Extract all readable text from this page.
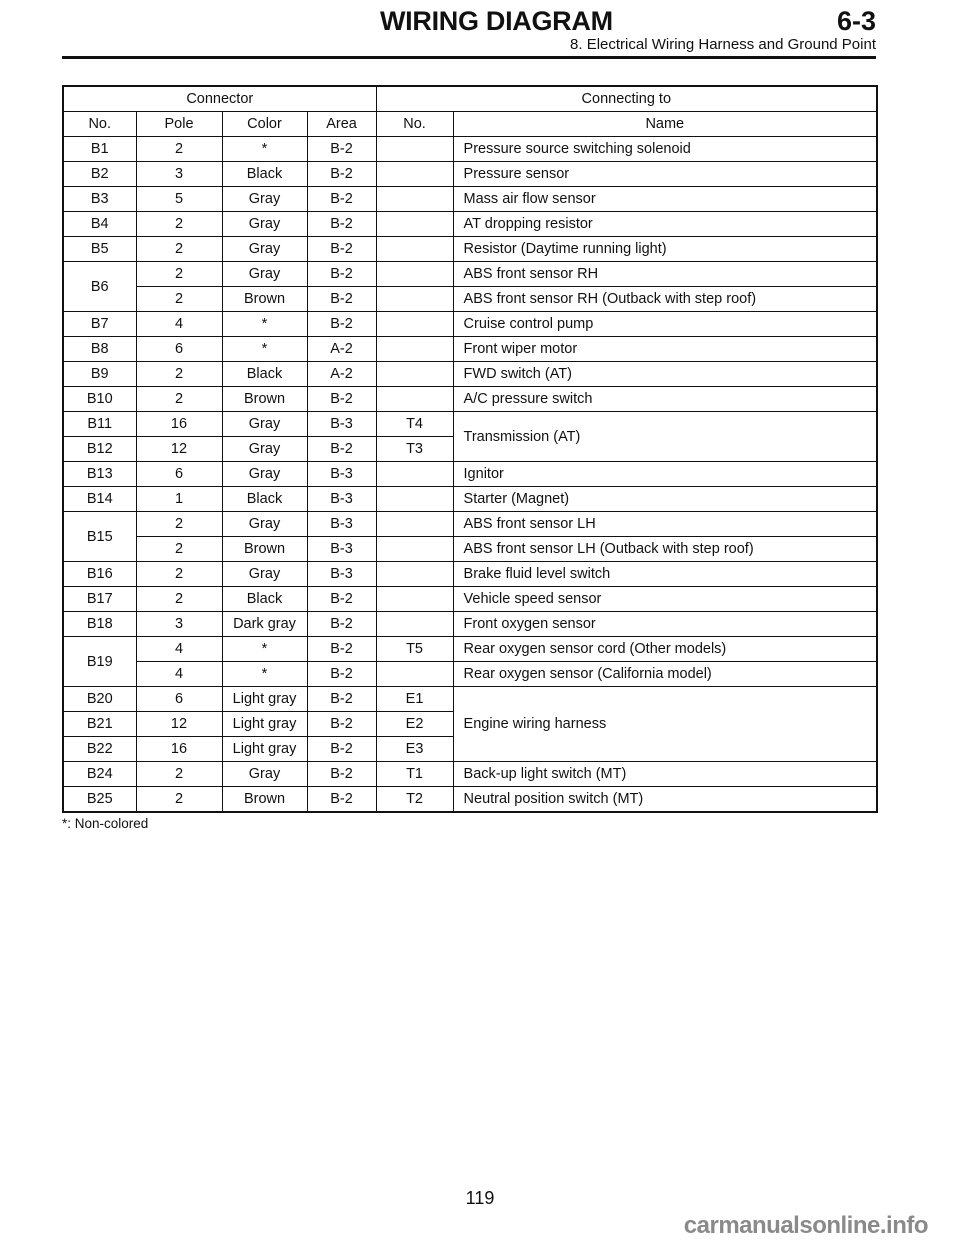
WIRING DIAGRAM	6-3
8. Electrical Wiring Harness and Ground Point
Connector				Connecting to	
No.	Pole	Color	Area	No.	Name
B1	2	*	B-2		Pressure source switching solenoid
B2	3	Black	B-2		Pressure sensor
B3	5	Gray	B-2		Mass air flow sensor
B4	2	Gray	B-2		AT dropping resistor
B5	2	Gray	B-2		Resistor (Daytime running light)
B6	2	Gray	B-2		ABS front sensor RH
	2	Brown	B-2		ABS front sensor RH (Outback with step roof)
B7	4	*	B-2		Cruise control pump
B8	6	*	A-2		Front wiper motor
B9	2	Black	A-2		FWD switch (AT)
B10	2	Brown	B-2		A/C pressure switch
B11	16	Gray	B-3	T4	Transmission (AT)
B12	12	Gray	B-2	T3	
B13	6	Gray	B-3		Ignitor
B14	1	Black	B-3		Starter (Magnet)
B15	2	Gray	B-3		ABS front sensor LH
	2	Brown	B-3		ABS front sensor LH (Outback with step roof)
B16	2	Gray	B-3		Brake fluid level switch
B17	2	Black	B-2		Vehicle speed sensor
B18	3	Dark gray	B-2		Front oxygen sensor
B19	4	*	B-2	T5	Rear oxygen sensor cord (Other models)
	4	*	B-2		Rear oxygen sensor (California model)
B20	6	Light gray	B-2	E1	Engine wiring harness
B21	12	Light gray	B-2	E2	
B22	16	Light gray	B-2	E3	
B24	2	Gray	B-2	T1	Back-up light switch (MT)
B25	2	Brown	B-2	T2	Neutral position switch (MT)
*: Non-colored
119
carmanualsonline.info
